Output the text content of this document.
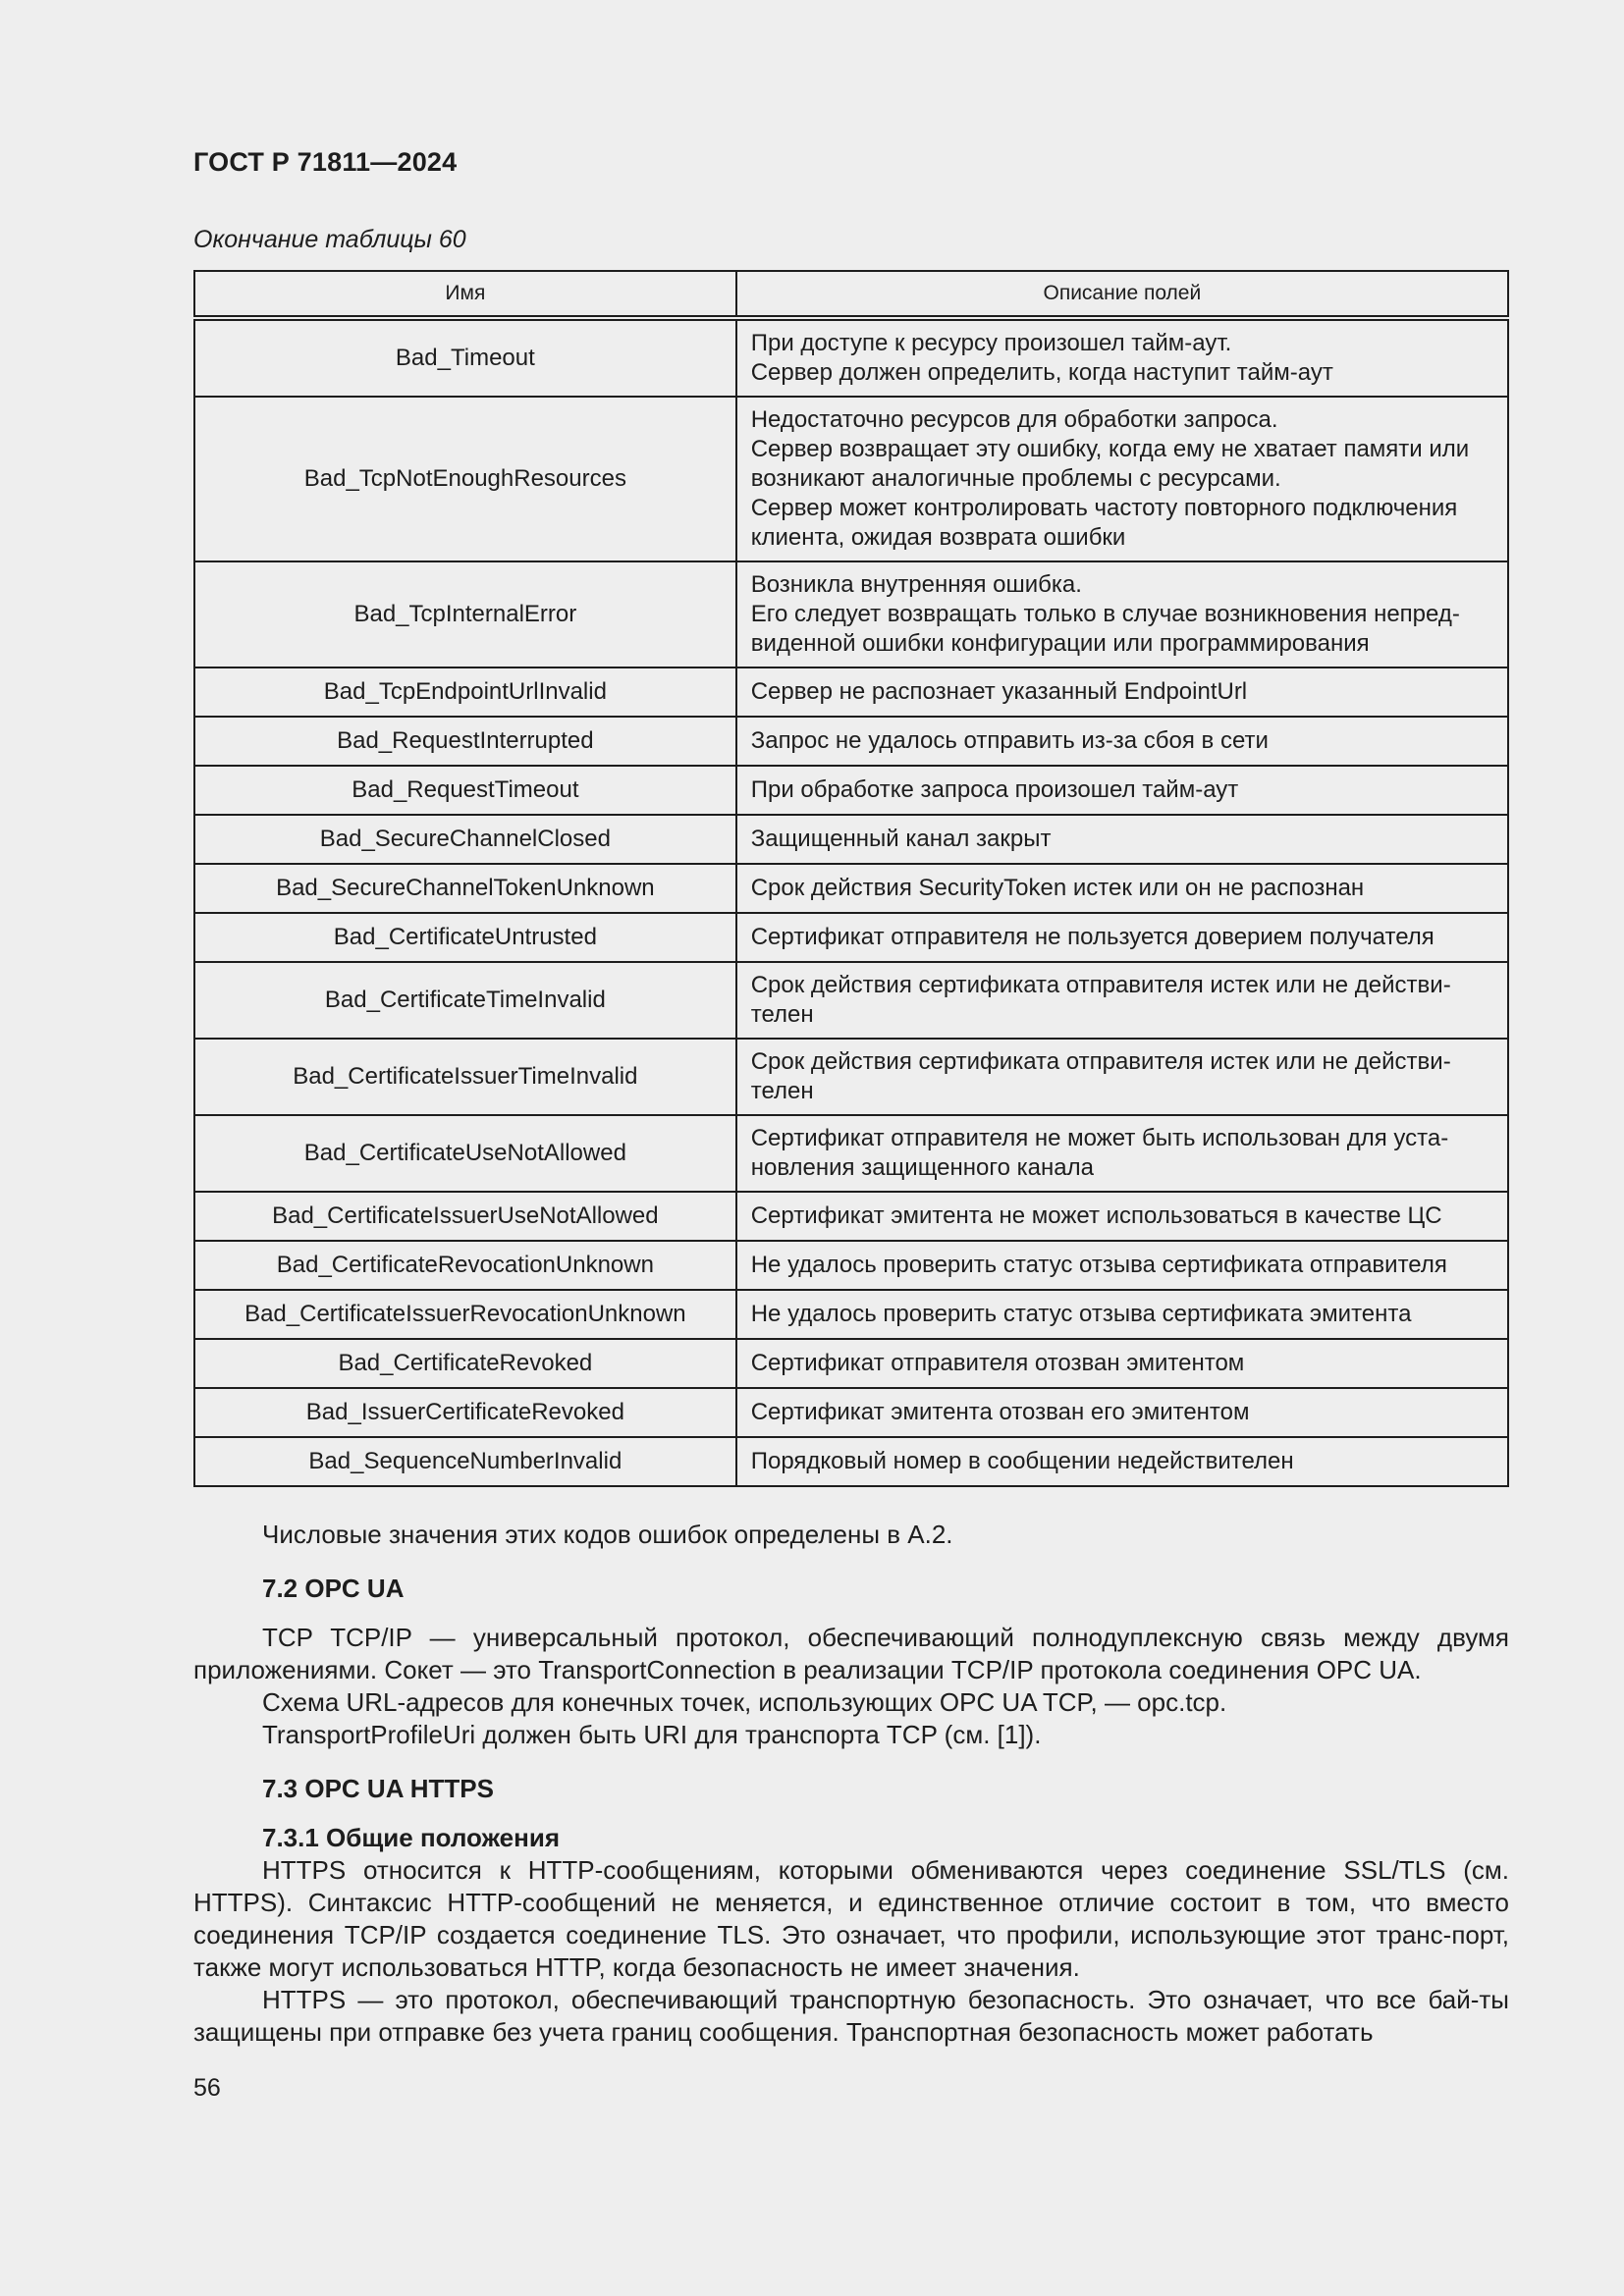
ГОСТ Р 71811—2024
Окончание таблицы 60
Имя	Описание полей
Bad_Timeout	При доступе к ресурсу произошел тайм-аут.
Сервер должен определить, когда наступит тайм-аут

Bad_TcpNotEnoughResources	Недостаточно ресурсов для обработки запроса.
Сервер возвращает эту ошибку, когда ему не хватает памяти или возникают аналогичные проблемы с ресурсами.
Сервер может контролировать частоту повторного подключения клиента, ожидая возврата ошибки

Bad_TcpInternalError	Возникла внутренняя ошибка.
Его следует возвращать только в случае возникновения непред-виденной ошибки конфигурации или программирования

Bad_TcpEndpointUrlInvalid	Сервер не распознает указанный EndpointUrl

Bad_RequestInterrupted	Запрос не удалось отправить из-за сбоя в сети

Bad_RequestTimeout	При обработке запроса произошел тайм-аут

Bad_SecureChannelClosed	Защищенный канал закрыт

Bad_SecureChannelTokenUnknown	Срок действия SecurityToken истек или он не распознан

Bad_CertificateUntrusted	Сертификат отправителя не пользуется доверием получателя

Bad_CertificateTimeInvalid	Срок действия сертификата отправителя истек или не действи-телен

Bad_CertificateIssuerTimeInvalid	Срок действия сертификата отправителя истек или не действи-телен

Bad_CertificateUseNotAllowed	Сертификат отправителя не может быть использован для уста-новления защищенного канала

Bad_CertificateIssuerUseNotAllowed	Сертификат эмитента не может использоваться в качестве ЦС

Bad_CertificateRevocationUnknown	Не удалось проверить статус отзыва сертификата отправителя

Bad_CertificateIssuerRevocationUnknown	Не удалось проверить статус отзыва сертификата эмитента

Bad_CertificateRevoked	Сертификат отправителя отозван эмитентом

Bad_IssuerCertificateRevoked	Сертификат эмитента отозван его эмитентом

Bad_SequenceNumberInvalid	Порядковый номер в сообщении недействителен

Числовые значения этих кодов ошибок определены в А.2.

7.2 OPC UA

TCP TCP/IP — универсальный протокол, обеспечивающий полнодуплексную связь между двумя приложениями. Сокет — это TransportConnection в реализации TCP/IP протокола соединения OPC UA.

Схема URL-адресов для конечных точек, использующих OPC UA TCP, — opc.tcp.

TransportProfileUri должен быть URI для транспорта TCP (см. [1]).

7.3 OPC UA HTTPS
7.3.1 Общие положения

HTTPS относится к HTTP-сообщениям, которыми обмениваются через соединение SSL/TLS (см. HTTPS). Синтаксис HTTP-сообщений не меняется, и единственное отличие состоит в том, что вместо соединения TCP/IP создается соединение TLS. Это означает, что профили, использующие этот транс-порт, также могут использоваться HTTP, когда безопасность не имеет значения.

HTTPS — это протокол, обеспечивающий транспортную безопасность. Это означает, что все бай-ты защищены при отправке без учета границ сообщения. Транспортная безопасность может работать

56
